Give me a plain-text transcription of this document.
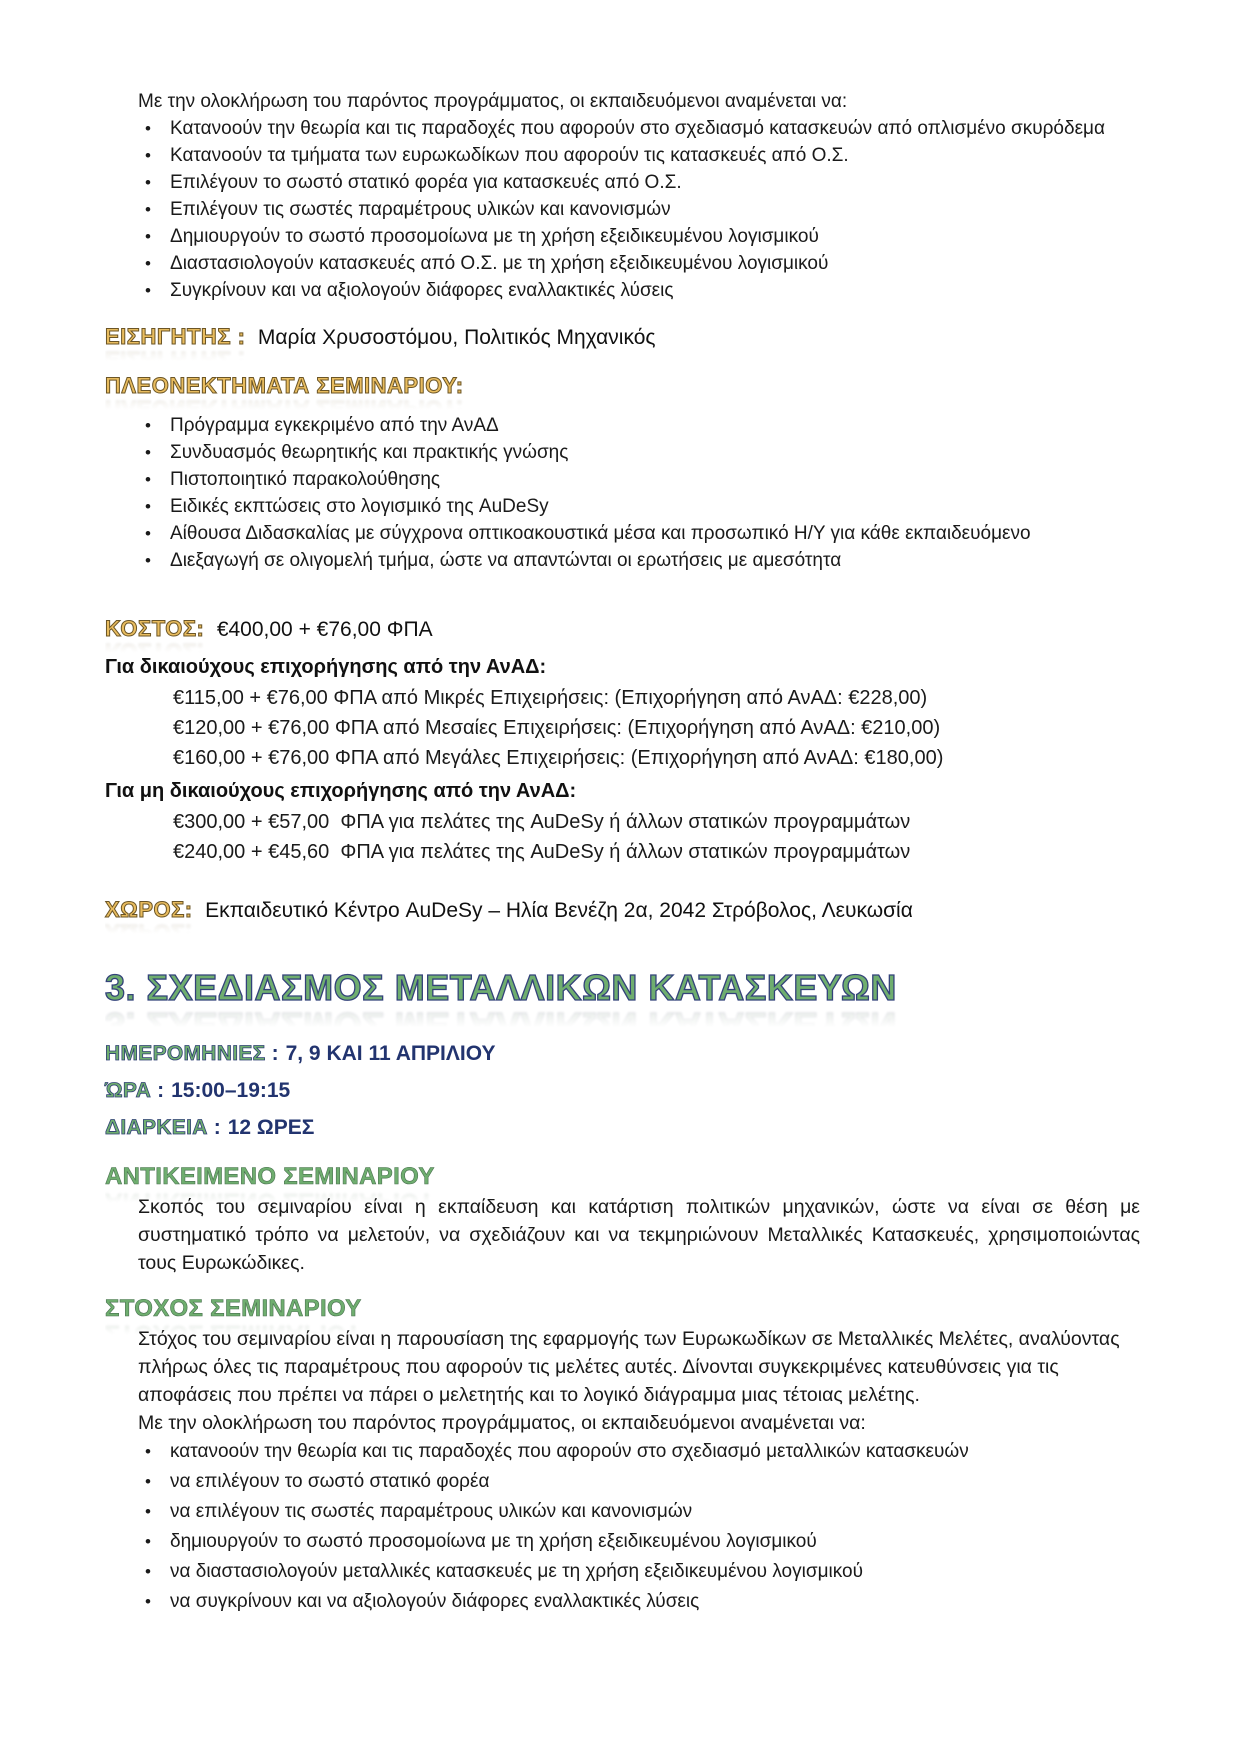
Με την ολοκλήρωση του παρόντος προγράμματος, οι εκπαιδευόμενοι αναμένεται να:

• Κατανοούν την θεωρία και τις παραδοχές που αφορούν στο σχεδιασμό κατασκευών από οπλισμένο σκυρόδεμα
• Κατανοούν τα τμήματα των ευρωκωδίκων που αφορούν τις κατασκευές από Ο.Σ.
• Επιλέγουν το σωστό στατικό φορέα για κατασκευές από Ο.Σ.
• Επιλέγουν τις σωστές παραμέτρους υλικών και κανονισμών
• Δημιουργούν το σωστό προσομοίωνα με τη χρήση εξειδικευμένου λογισμικού
• Διαστασιολογούν κατασκευές από Ο.Σ. με τη χρήση εξειδικευμένου λογισμικού
• Συγκρίνουν και να αξιολογούν διάφορες εναλλακτικές λύσεις

ΕΙΣΗΓΗΤΗΣ : ΕΙΣΗΓΗΤΗΣ : Μαρία Χρυσοστόμου, Πολιτικός Μηχανικός

ΠΛΕΟΝΕΚΤΗΜΑΤΑ ΣΕΜΙΝΑΡΙΟΥ: ΠΛΕΟΝΕΚΤΗΜΑΤΑ ΣΕΜΙΝΑΡΙΟΥ:

• Πρόγραμμα εγκεκριμένο από την ΑνΑΔ
• Συνδυασμός θεωρητικής και πρακτικής γνώσης
• Πιστοποιητικό παρακολούθησης
• Ειδικές εκπτώσεις στο λογισμικό της AuDeSy
• Αίθουσα Διδασκαλίας με σύγχρονα οπτικοακουστικά μέσα και προσωπικό Η/Υ για κάθε εκπαιδευόμενο
• Διεξαγωγή σε ολιγομελή τμήμα, ώστε να απαντώνται οι ερωτήσεις με αμεσότητα

ΚΟΣΤΟΣ: ΚΟΣΤΟΣ: €400,00 + €76,00 ΦΠΑ

Για δικαιούχους επιχορήγησης από την ΑνΑΔ:

€115,00 + €76,00 ΦΠΑ από Μικρές Επιχειρήσεις: (Επιχορήγηση από ΑνΑΔ: €228,00)

€120,00 + €76,00 ΦΠΑ από Μεσαίες Επιχειρήσεις: (Επιχορήγηση από ΑνΑΔ: €210,00)

€160,00 + €76,00 ΦΠΑ από Μεγάλες Επιχειρήσεις: (Επιχορήγηση από ΑνΑΔ: €180,00)

Για μη δικαιούχους επιχορήγησης από την ΑνΑΔ:

€300,00 + €57,00  ΦΠΑ για πελάτες της AuDeSy ή άλλων στατικών προγραμμάτων

€240,00 + €45,60  ΦΠΑ για πελάτες της AuDeSy ή άλλων στατικών προγραμμάτων

ΧΩΡΟΣ: ΧΩΡΟΣ: Εκπαιδευτικό Κέντρο AuDeSy – Ηλία Βενέζη 2α, 2042 Στρόβολος, Λευκωσία

3. ΣΧΕΔΙΑΣΜΟΣ ΜΕΤΑΛΛΙΚΩΝ ΚΑΤΑΣΚΕΥΩΝ 3. ΣΧΕΔΙΑΣΜΟΣ ΜΕΤΑΛΛΙΚΩΝ ΚΑΤΑΣΚΕΥΩΝ

ΗΜΕΡΟΜΗΝΙΕΣ : 7, 9 ΚΑΙ 11 ΑΠΡΙΛΙΟΥ

ΏΡΑ : 15:00–19:15

ΔΙΑΡΚΕΙΑ : 12 ΩΡΕΣ

ΑΝΤΙΚΕΙΜΕΝΟ ΣΕΜΙΝΑΡΙΟΥ ΑΝΤΙΚΕΙΜΕΝΟ ΣΕΜΙΝΑΡΙΟΥ

Σκοπός του σεμιναρίου είναι η εκπαίδευση και κατάρτιση πολιτικών μηχανικών, ώστε να είναι σε θέση με συστηματικό τρόπο να μελετούν, να σχεδιάζουν και να τεκμηριώνουν Μεταλλικές Κατασκευές, χρησιμοποιώντας τους Ευρωκώδικες.

ΣΤΟΧΟΣ ΣΕΜΙΝΑΡΙΟΥ ΣΤΟΧΟΣ ΣΕΜΙΝΑΡΙΟΥ

Στόχος του σεμιναρίου είναι η παρουσίαση της εφαρμογής των Ευρωκωδίκων σε Μεταλλικές Μελέτες, αναλύοντας πλήρως όλες τις παραμέτρους που αφορούν τις μελέτες αυτές. Δίνονται συγκεκριμένες κατευθύνσεις για τις αποφάσεις που πρέπει να πάρει ο μελετητής και το λογικό διάγραμμα μιας τέτοιας μελέτης.

Με την ολοκλήρωση του παρόντος προγράμματος, οι εκπαιδευόμενοι αναμένεται να:

• κατανοούν την θεωρία και τις παραδοχές που αφορούν στο σχεδιασμό μεταλλικών κατασκευών
• να επιλέγουν το σωστό στατικό φορέα
• να επιλέγουν τις σωστές παραμέτρους υλικών και κανονισμών
• δημιουργούν το σωστό προσομοίωνα με τη χρήση εξειδικευμένου λογισμικού
• να διαστασιολογούν μεταλλικές κατασκευές με τη χρήση εξειδικευμένου λογισμικού
• να συγκρίνουν και να αξιολογούν διάφορες εναλλακτικές λύσεις
